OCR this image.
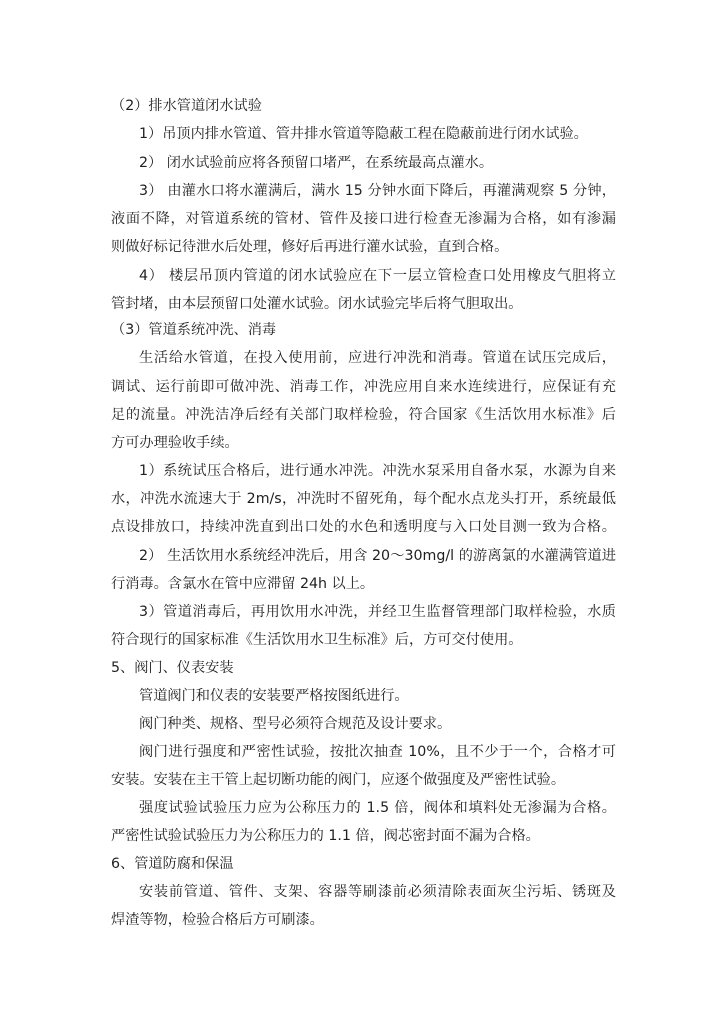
（2）排水管道闭水试验

1）吊顶内排水管道、管井排水管道等隐蔽工程在隐蔽前进行闭水试验。

2） 闭水试验前应将各预留口堵严，在系统最高点灌水。

3） 由灌水口将水灌满后，满水 15 分钟水面下降后，再灌满观察 5 分钟，

液面不降，对管道系统的管材、管件及接口进行检查无渗漏为合格，如有渗漏

则做好标记待泄水后处理，修好后再进行灌水试验，直到合格。

4） 楼层吊顶内管道的闭水试验应在下一层立管检查口处用橡皮气胆将立

管封堵，由本层预留口处灌水试验。闭水试验完毕后将气胆取出。

（3）管道系统冲洗、消毒

生活给水管道，在投入使用前，应进行冲洗和消毒。管道在试压完成后，

调试、运行前即可做冲洗、消毒工作，冲洗应用自来水连续进行，应保证有充

足的流量。冲洗洁净后经有关部门取样检验，符合国家《生活饮用水标准》后

方可办理验收手续。

1）系统试压合格后，进行通水冲洗。冲洗水泵采用自备水泵，水源为自来

水，冲洗水流速大于 2m/s，冲洗时不留死角，每个配水点龙头打开，系统最低

点设排放口，持续冲洗直到出口处的水色和透明度与入口处目测一致为合格。

2） 生活饮用水系统经冲洗后，用含 20～30mg/l 的游离氯的水灌满管道进

行消毒。含氯水在管中应滞留 24h 以上。

3）管道消毒后，再用饮用水冲洗，并经卫生监督管理部门取样检验，水质

符合现行的国家标准《生活饮用水卫生标准》后，方可交付使用。

5、阀门、仪表安装

管道阀门和仪表的安装要严格按图纸进行。

阀门种类、规格、型号必须符合规范及设计要求。

阀门进行强度和严密性试验，按批次抽查 10%，且不少于一个，合格才可

安装。安装在主干管上起切断功能的阀门，应逐个做强度及严密性试验。

强度试验试验压力应为公称压力的 1.5 倍，阀体和填料处无渗漏为合格。

严密性试验试验压力为公称压力的 1.1 倍，阀芯密封面不漏为合格。

6、管道防腐和保温

安装前管道、管件、支架、容器等刷漆前必须清除表面灰尘污垢、锈斑及

焊渣等物，检验合格后方可刷漆。
